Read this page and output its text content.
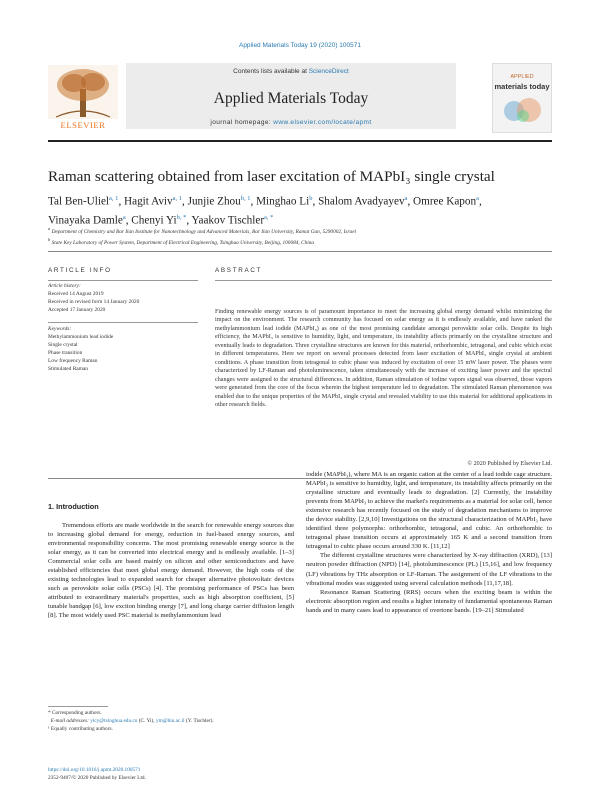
Applied Materials Today 19 (2020) 100571
ELSEVIER
Contents lists available at ScienceDirect
Applied Materials Today
journal homepage: www.elsevier.com/locate/apmt
APPLIED
materials today
Raman scattering obtained from laser excitation of MAPbI₃ single crystal
Tal Ben-Uliel$^{a, 1}$, Hagit Aviv$^{a, 1}$, Junjie Zhou$^{b, 1}$, Minghao Li$^b$, Shalom Avadyayev$^a$, Omree Kapon$^a$,
Vinayaka Damle$^a$, Chenyi $Yi^{b, *}$, Yaakov Tischler$^{a, *}$
$^a$ Department of Chemistry and Bar Ilan Institute for Nanotechnology and Advanced Materials, Bar Ilan University, Ramat Gan, 5290002, Israel
$^b$ State Key Laboratory of Power System, Department of Electrical Engineering, Tsinghua University, Beijing, 100084, China
ARTICLE INFO	ABSTRACT
Article history:
Received 14 August 2019
Received in revised form 14 January 2020
Accepted 17 January 2020
Keywords:
Methylammonium lead iodide
Single crystal
Phase transition
Low frequency Raman
Stimulated Raman
Finding renewable energy sources is of paramount importance to meet the increasing global energy demand whilst minimizing the impact on the environment. The research community has focused on solar energy as it is endlessly available, and have ranked the methylammonium lead iodide (MAPbI₃) as one of the most promising candidate amongst perovskite solar cells. Despite its high efficiency, the MAPbI₃ is sensitive to humidity, light, and temperature, its instability affects primarily on the crystalline structure and eventually leads to degradation. Three crystalline structures are known for this material, orthorhombic, tetragonal, and cubic which exist in different temperatures. Here we report on several processes detected from laser excitation of MAPbI₃ single crystal at ambient conditions. A phase transition from tetragonal to cubic phase was induced by excitation of over 15 mW laser power. The phases were characterized by LF-Raman and photoluminescence, taken simultaneously with the increase of exciting laser power and the spectral changes were assigned to the structural differences. In addition, Raman stimulation of iodine vapors signal was observed, those vapors were generated from the core of the focus wherein the highest temperature led to degradation. The stimulated Raman phenomenon was enabled due to the unique properties of the MAPbI₃ single crystal and revealed viability to use this material for additional applications in other research fields.
© 2020 Published by Elsevier Ltd.
1. Introduction
Tremendous efforts are made worldwide in the search for renewable energy sources due to increasing global demand for energy, reduction in fuel-based energy sources, and environmental responsibility concerns. The most promising renewable energy source is the solar energy, as it can be converted into electrical energy and is endlessly available. [1–3] Commercial solar cells are based mainly on silicon and other semiconductors and have established efficiencies that meet global energy demand. However, the high costs of the existing technologies lead to expanded search for cheaper alternative photovoltaic devices such as perovskite solar cells (PSCs) [4]. The promising performance of PSCs has been attributed to extraordinary material's properties, such as high absorption coefficient, [5] tunable bandgap [6], low exciton binding energy [7], and long charge carrier diffusion length [8]. The most widely used PSC material is methylammonium lead
iodide (MAPbI₃), where MA is an organic cation at the center of a lead iodide cage structure. MAPbI₃ is sensitive to humidity, light, and temperature, its instability affects primarily on the crystalline structure and eventually leads to degradation. [2] Currently, the instability prevents from MAPbI₃ to achieve the market's requirements as a material for solar cell, hence extensive research has recently focused on the study of degradation mechanisms to improve the device stability. [2,9,10] Investigations on the structural characterization of MAPbI₃ have identified three polymorphs: orthorhombic, tetragonal, and cubic. An orthorhombic to tetragonal phase transition occurs at approximately 165 K and a second transition from tetragonal to cubic phase occurs around 330 K. [11,12]
The different crystalline structures were characterized by X-ray diffraction (XRD), [13] neutron powder diffraction (NPD) [14], photoluminescence (PL) [15,16], and low frequency (LF) vibrations by THz absorption or LF-Raman. The assignment of the LF vibrations to the vibrational modes was suggested using several calculation methods [11,17,18].
Resonance Raman Scattering (RRS) occurs when the exciting beam is within the electronic absorption region and results a higher intensity of fundamental spontaneous Raman bands and in many cases lead to appearance of overtone bands. [19–21] Stimulated
* Corresponding authors.
E-mail addresses: yicy@tsinghua.edu.cn (C. Yi), ym@biu.ac.il (Y. Tischler).
¹ Equally contributing authors.
https://doi.org/10.1016/j.apmt.2020.100571
2352-9407/© 2020 Published by Elsevier Ltd.
